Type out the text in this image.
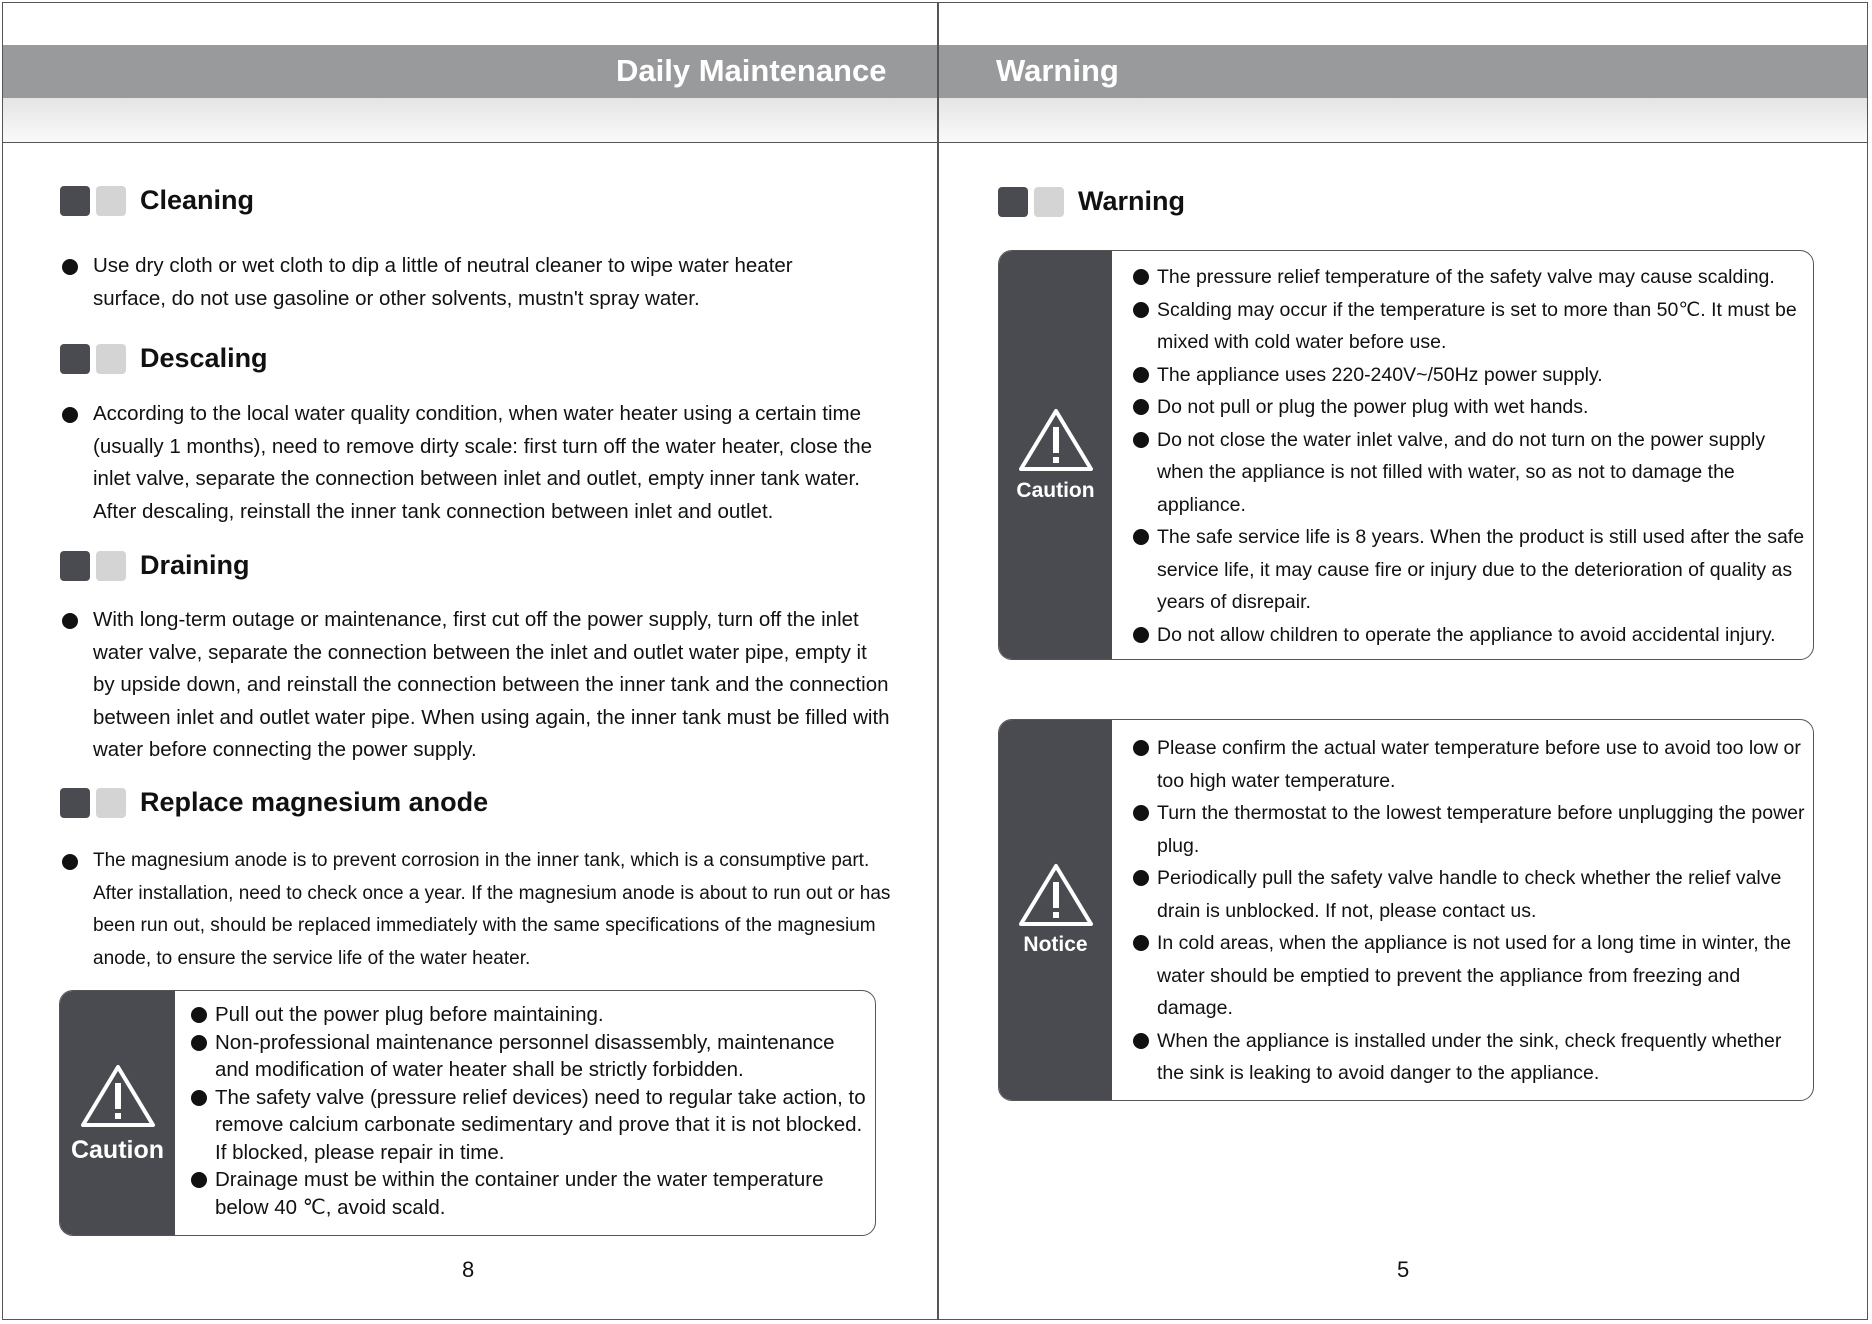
Daily Maintenance	Warning
Cleaning
Use dry cloth or wet cloth to dip a little of neutral cleaner to wipe water heater surface, do not use gasoline or other solvents, mustn't spray water.
Descaling
According to the local water quality condition, when water heater using a certain time (usually 1 months), need to remove dirty scale: first turn off the water heater, close the inlet valve, separate the connection between inlet and outlet, empty inner tank water. After descaling, reinstall the inner tank connection between inlet and outlet.
Draining
With long-term outage or maintenance, first cut off the power supply, turn off the inlet water valve, separate the connection between the inlet and outlet water pipe, empty it by upside down, and reinstall the connection between the inner tank and the connection between inlet and outlet water pipe. When using again, the inner tank must be filled with water before connecting the power supply.
Replace magnesium anode
The magnesium anode is to prevent corrosion in the inner tank, which is a consumptive part. After installation, need to check once a year. If the magnesium anode is about to run out or has been run out, should be replaced immediately with the same specifications of the magnesium anode, to ensure the service life of the water heater.
Caution
Pull out the power plug before maintaining.
Non-professional maintenance personnel disassembly, maintenance and modification of water heater shall be strictly forbidden.
The safety valve (pressure relief devices) need to regular take action, to remove calcium carbonate sedimentary and prove that it is not blocked. If blocked, please repair in time.
Drainage must be within the container under the water temperature below 40 ℃, avoid scald.
8
Warning
Caution
The pressure relief temperature of the safety valve may cause scalding.
Scalding may occur if the temperature is set to more than 50℃. It must be mixed with cold water before use.
The appliance uses 220-240V~/50Hz power supply.
Do not pull or plug the power plug with wet hands.
Do not close the water inlet valve, and do not turn on the power supply when the appliance is not filled with water, so as not to damage the appliance.
The safe service life is 8 years. When the product is still used after the safe service life, it may cause fire or injury due to the deterioration of quality as years of disrepair.
Do not allow children to operate the appliance to avoid accidental injury.
Notice
Please confirm the actual water temperature before use to avoid too low or too high water temperature.
Turn the thermostat to the lowest temperature before unplugging the power plug.
Periodically pull the safety valve handle to check whether the relief valve drain is unblocked. If not, please contact us.
In cold areas, when the appliance is not used for a long time in winter, the water should be emptied to prevent the appliance from freezing and damage.
When the appliance is installed under the sink, check frequently whether the sink is leaking to avoid danger to the appliance.
5
